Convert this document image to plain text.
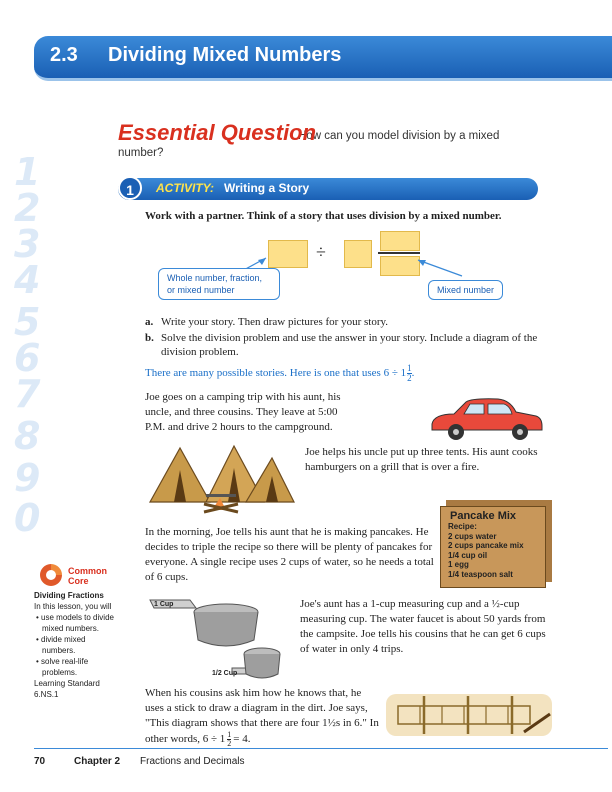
2.3 Dividing Mixed Numbers
1
2
3
4
5
6
7
8
9
0
How can you model division by a mixed number?
Essential Question
1	ACTIVITY: Writing a Story
Work with a partner. Think of a story that uses division by a mixed number.
÷
Whole number, fraction, or mixed number	Mixed number
a. Write your story. Then draw pictures for your story.
b. Solve the division problem and use the answer in your story. Include a diagram of the division problem.
There are many possible stories. Here is one that uses $6 \div 1 \frac{1}{2}$ .
Joe goes on a camping trip with his aunt, his uncle, and three cousins. They leave at 5:00 P.M. and drive 2 hours to the campground.
Joe helps his uncle put up three tents. His aunt cooks hamburgers on a grill that is over a fire.
In the morning, Joe tells his aunt that he is making pancakes. He decides to triple the recipe so there will be plenty of pancakes for everyone. A single recipe uses 2 cups of water, so he needs a total of 6 cups.
Joe's aunt has a 1-cup measuring cup and a ½-cup measuring cup. The water faucet is about 50 yards from the campsite. Joe tells his cousins that he can get 6 cups of water in only 4 trips.
When his cousins ask him how he knows that, he uses a stick to draw a diagram in the dirt. Joe says, "This diagram shows that there are four 1½s in 6." In other words, $6 \div 1 \frac{1}{2} = 4$.
Pancake Mix
Recipe:
2 cups water
2 cups pancake mix
1/4 cup oil
1 egg
1/4 teaspoon salt
1 Cup
1/2 Cup
Common
Core
Dividing Fractions
In this lesson, you will
• use models to divide mixed numbers.
• divide mixed numbers.
• solve real-life problems.
Learning Standard
6.NS.1
70	Chapter 2 Fractions and Decimals
